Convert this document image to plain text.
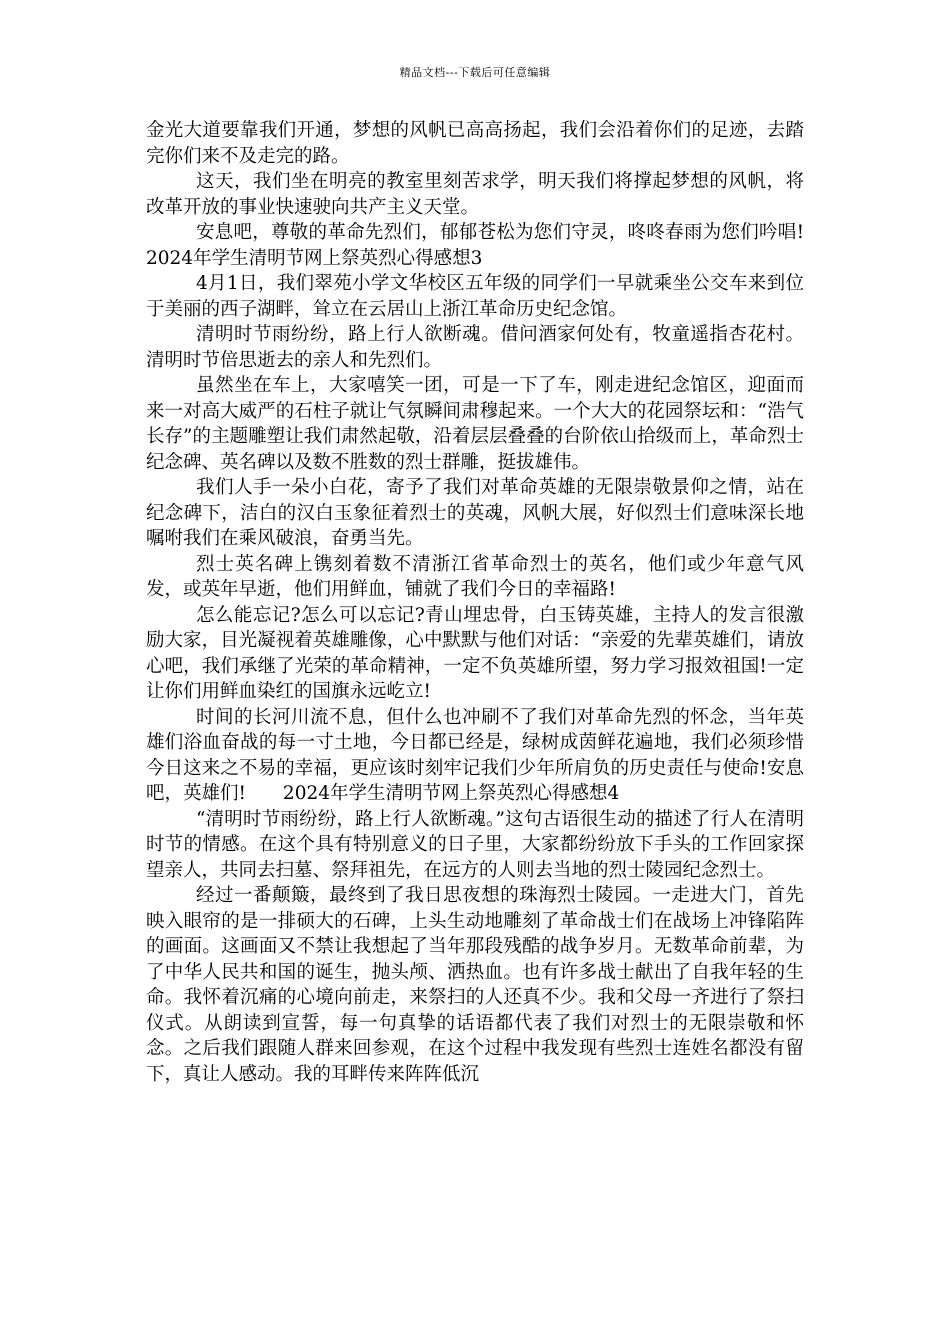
精品文档---下载后可任意编辑

金光大道要靠我们开通，梦想的风帆已高高扬起，我们会沿着你们的足迹，去踏完你们来不及走完的路。

这天，我们坐在明亮的教室里刻苦求学，明天我们将撑起梦想的风帆，将改革开放的事业快速驶向共产主义天堂。

安息吧，尊敬的革命先烈们，郁郁苍松为您们守灵，咚咚春雨为您们吟唱!　　2024年学生清明节网上祭英烈心得感想3

4月1日，我们翠苑小学文华校区五年级的同学们一早就乘坐公交车来到位于美丽的西子湖畔，耸立在云居山上浙江革命历史纪念馆。

清明时节雨纷纷，路上行人欲断魂。借问酒家何处有，牧童遥指杏花村。清明时节倍思逝去的亲人和先烈们。

虽然坐在车上，大家嘻笑一团，可是一下了车，刚走进纪念馆区，迎面而来一对高大威严的石柱子就让气氛瞬间肃穆起来。一个大大的花园祭坛和：“浩气长存”的主题雕塑让我们肃然起敬，沿着层层叠叠的台阶依山拾级而上，革命烈士纪念碑、英名碑以及数不胜数的烈士群雕，挺拔雄伟。

我们人手一朵小白花，寄予了我们对革命英雄的无限崇敬景仰之情，站在纪念碑下，洁白的汉白玉象征着烈士的英魂，风帆大展，好似烈士们意味深长地嘱咐我们在乘风破浪，奋勇当先。

烈士英名碑上镌刻着数不清浙江省革命烈士的英名，他们或少年意气风发，或英年早逝，他们用鲜血，铺就了我们今日的幸福路!

怎么能忘记?怎么可以忘记?青山埋忠骨，白玉铸英雄，主持人的发言很激励大家，目光凝视着英雄雕像，心中默默与他们对话：“亲爱的先辈英雄们，请放心吧，我们承继了光荣的革命精神，一定不负英雄所望，努力学习报效祖国!一定让你们用鲜血染红的国旗永远屹立!

时间的长河川流不息，但什么也冲刷不了我们对革命先烈的怀念，当年英雄们浴血奋战的每一寸土地，今日都已经是，绿树成茵鲜花遍地，我们必须珍惜今日这来之不易的幸福，更应该时刻牢记我们少年所肩负的历史责任与使命!安息吧，英雄们!　　2024年学生清明节网上祭英烈心得感想4

“清明时节雨纷纷，路上行人欲断魂。”这句古语很生动的描述了行人在清明时节的情感。在这个具有特别意义的日子里，大家都纷纷放下手头的工作回家探望亲人，共同去扫墓、祭拜祖先，在远方的人则去当地的烈士陵园纪念烈士。

经过一番颠簸，最终到了我日思夜想的珠海烈士陵园。一走进大门，首先映入眼帘的是一排硕大的石碑，上头生动地雕刻了革命战士们在战场上冲锋陷阵的画面。这画面又不禁让我想起了当年那段残酷的战争岁月。无数革命前辈，为了中华人民共和国的诞生，抛头颅、洒热血。也有许多战士献出了自我年轻的生命。我怀着沉痛的心境向前走，来祭扫的人还真不少。我和父母一齐进行了祭扫仪式。从朗读到宣誓，每一句真挚的话语都代表了我们对烈士的无限崇敬和怀念。之后我们跟随人群来回参观，在这个过程中我发现有些烈士连姓名都没有留下，真让人感动。我的耳畔传来阵阵低沉
